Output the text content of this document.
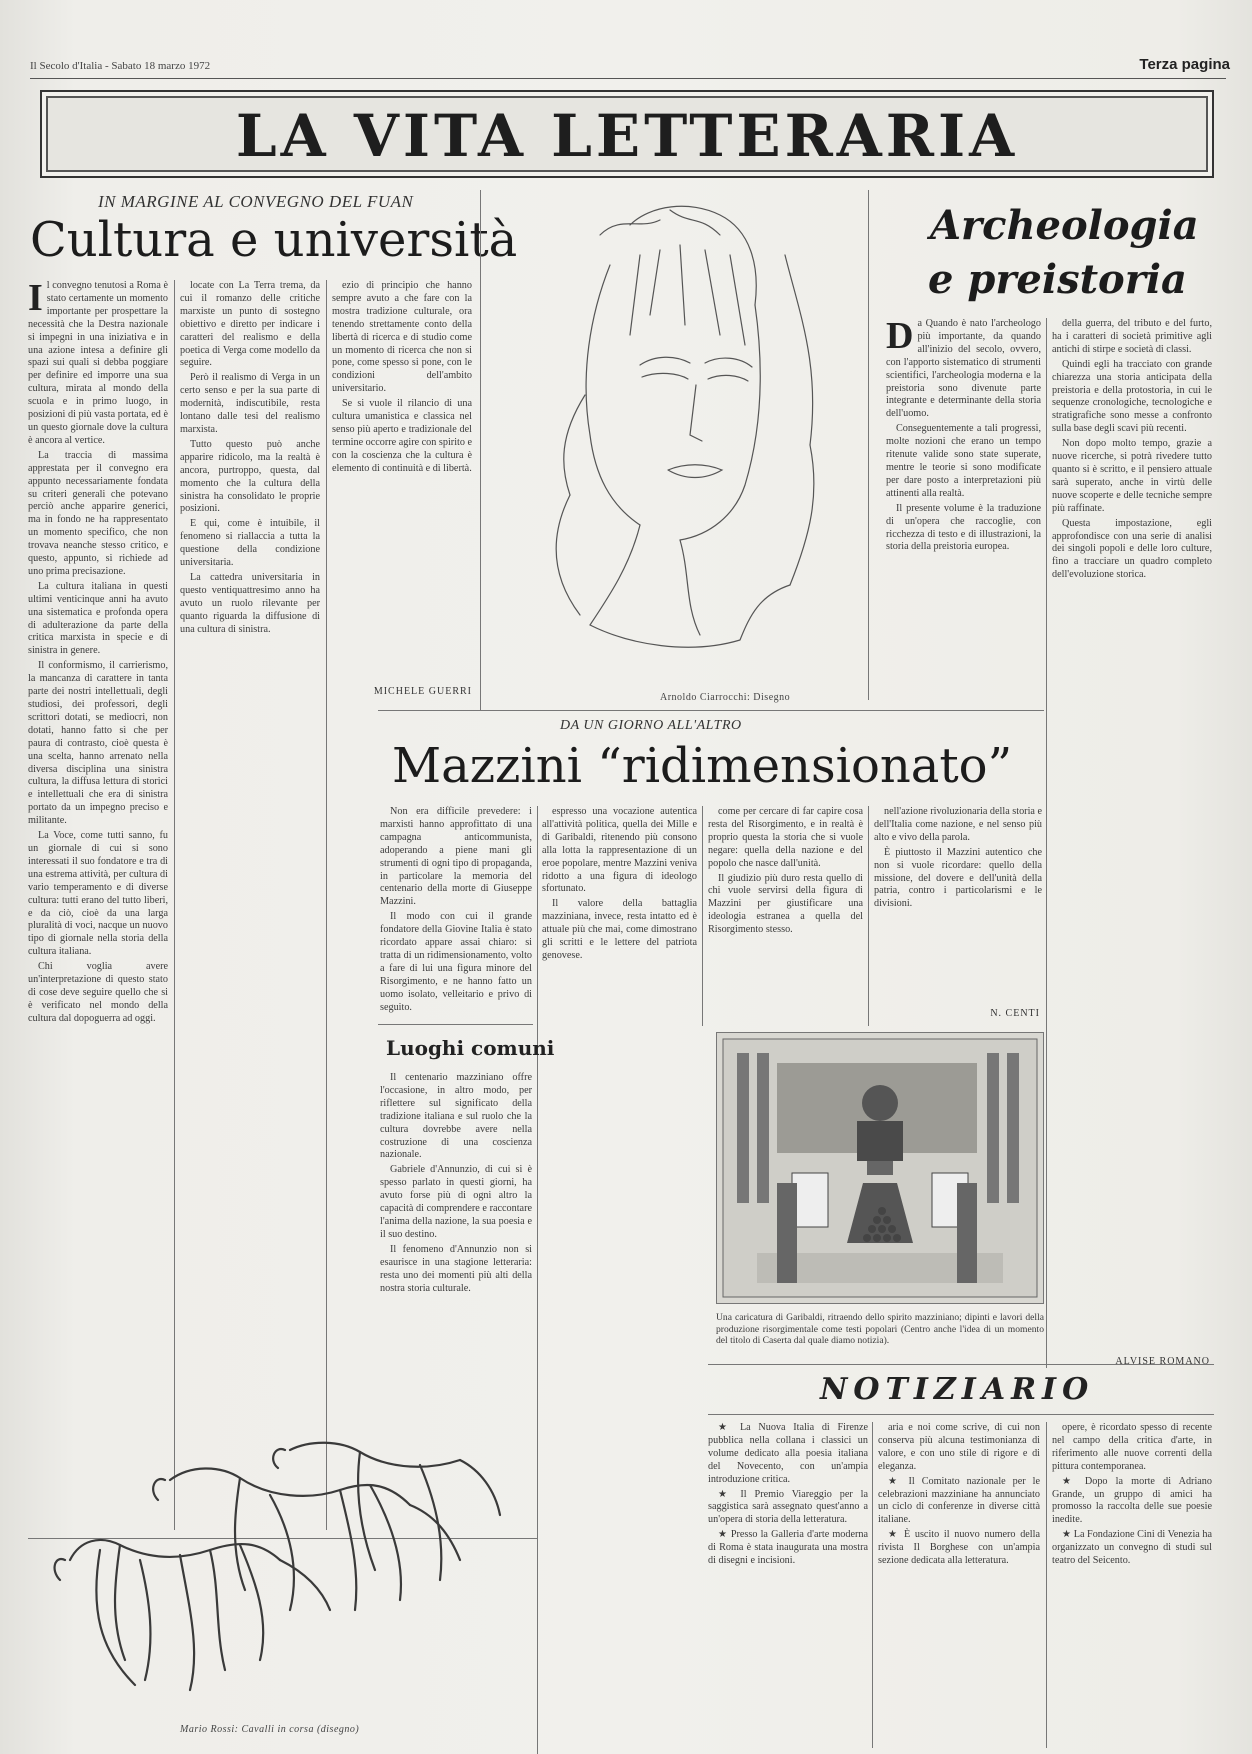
Il Secolo d'Italia - Sabato 18 marzo 1972	Terza pagina
LA VITA LETTERARIA
IN MARGINE AL CONVEGNO DEL FUAN
Cultura e università

Il convegno tenutosi a Roma è stato certamente un momento importante per prospettare la necessità che la Destra nazionale si impegni in una iniziativa e in una azione intesa a definire gli spazi sui quali si debba poggiare per definire ed imporre una sua cultura, mirata al mondo della scuola e in primo luogo, in posizioni di più vasta portata, ed è un questo giornale dove la cultura è ancora al vertice.

La traccia di massima apprestata per il convegno era appunto necessariamente fondata su criteri generali che potevano perciò anche apparire generici, ma in fondo ne ha rappresentato un momento specifico, che non trovava neanche stesso critico, e questo, appunto, si richiede ad uno prima precisazione.

La cultura italiana in questi ultimi venticinque anni ha avuto una sistematica e profonda opera di adulterazione da parte della critica marxista in specie e di sinistra in genere.

Il conformismo, il carrierismo, la mancanza di carattere in tanta parte dei nostri intellettuali, degli studiosi, dei professori, degli scrittori dotati, se mediocri, non dotati, hanno fatto sì che per paura di contrasto, cioè questa è una scelta, hanno arrenato nella diversa disciplina una sinistra cultura, la diffusa lettura di storici e intellettuali che era di sinistra portato da un impegno preciso e militante.

La Voce, come tutti sanno, fu un giornale di cui si sono interessati il suo fondatore e tra di una estrema attività, per cultura di vario temperamento e di diverse cultura: tutti erano del tutto liberi, e da ciò, cioè da una larga pluralità di voci, nacque un nuovo tipo di giornale nella storia della cultura italiana.

Chi voglia avere un'interpretazione di questo stato di cose deve seguire quello che si è verificato nel mondo della cultura dal dopoguerra ad oggi.

locate con La Terra trema, da cui il romanzo delle critiche marxiste un punto di sostegno obiettivo e diretto per indicare i caratteri del realismo e della poetica di Verga come modello da seguire.

Però il realismo di Verga in un certo senso e per la sua parte di modernità, indiscutibile, resta lontano dalle tesi del realismo marxista.

Tutto questo può anche apparire ridicolo, ma la realtà è ancora, purtroppo, questa, dal momento che la cultura della sinistra ha consolidato le proprie posizioni.

E qui, come è intuibile, il fenomeno si riallaccia a tutta la questione della condizione universitaria.

La cattedra universitaria in questo ventiquattresimo anno ha avuto un ruolo rilevante per quanto riguarda la diffusione di una cultura di sinistra.

ezio di principio che hanno sempre avuto a che fare con la mostra tradizione culturale, ora tenendo strettamente conto della libertà di ricerca e di studio come un momento di ricerca che non si pone, come spesso si pone, con le condizioni dell'ambito universitario.

Se si vuole il rilancio di una cultura umanistica e classica nel senso più aperto e tradizionale del termine occorre agire con spirito e con la coscienza che la cultura è elemento di continuità e di libertà.

MICHELE GUERRI
Arnoldo Ciarrocchi: Disegno
Archeologia
e preistoria

Da Quando è nato l'archeologo più importante, da quando all'inizio del secolo, ovvero, con l'apporto sistematico di strumenti scientifici, l'archeologia moderna e la preistoria sono divenute parte integrante e determinante della storia dell'uomo.

Conseguentemente a tali progressi, molte nozioni che erano un tempo ritenute valide sono state superate, mentre le teorie si sono modificate per dare posto a interpretazioni più attinenti alla realtà.

Il presente volume è la traduzione di un'opera che raccoglie, con ricchezza di testo e di illustrazioni, la storia della preistoria europea.

della guerra, del tributo e del furto, ha i caratteri di società primitive agli antichi di stirpe e società di classi.

Quindi egli ha tracciato con grande chiarezza una storia anticipata della preistoria e della protostoria, in cui le sequenze cronologiche, tecnologiche e stratigrafiche sono messe a confronto sulla base degli scavi più recenti.

Non dopo molto tempo, grazie a nuove ricerche, si potrà rivedere tutto quanto si è scritto, e il pensiero attuale sarà superato, anche in virtù delle nuove scoperte e delle tecniche sempre più raffinate.

Questa impostazione, egli approfondisce con una serie di analisi dei singoli popoli e delle loro culture, fino a tracciare un quadro completo dell'evoluzione storica.

ALVISE ROMANO
DA UN GIORNO ALL'ALTRO
Mazzini “ridimensionato”

Non era difficile prevedere: i marxisti hanno approfittato di una campagna anticommunista, adoperando a piene mani gli strumenti di ogni tipo di propaganda, in particolare la memoria del centenario della morte di Giuseppe Mazzini.

Il modo con cui il grande fondatore della Giovine Italia è stato ricordato appare assai chiaro: si tratta di un ridimensionamento, volto a fare di lui una figura minore del Risorgimento, e ne hanno fatto un uomo isolato, velleitario e privo di seguito.

espresso una vocazione autentica all'attività politica, quella dei Mille e di Garibaldi, ritenendo più consono alla lotta la rappresentazione di un eroe popolare, mentre Mazzini veniva ridotto a una figura di ideologo sfortunato.

Il valore della battaglia mazziniana, invece, resta intatto ed è attuale più che mai, come dimostrano gli scritti e le lettere del patriota genovese.

come per cercare di far capire cosa resta del Risorgimento, e in realtà è proprio questa la storia che si vuole negare: quella della nazione e del popolo che nasce dall'unità.

Il giudizio più duro resta quello di chi vuole servirsi della figura di Mazzini per giustificare una ideologia estranea a quella del Risorgimento stesso.

nell'azione rivoluzionaria della storia e dell'Italia come nazione, e nel senso più alto e vivo della parola.

È piuttosto il Mazzini autentico che non si vuole ricordare: quello della missione, del dovere e dell'unità della patria, contro i particolarismi e le divisioni.

N. CENTI
Luoghi comuni

Il centenario mazziniano offre l'occasione, in altro modo, per riflettere sul significato della tradizione italiana e sul ruolo che la cultura dovrebbe avere nella costruzione di una coscienza nazionale.

Gabriele d'Annunzio, di cui si è spesso parlato in questi giorni, ha avuto forse più di ogni altro la capacità di comprendere e raccontare l'anima della nazione, la sua poesia e il suo destino.

Il fenomeno d'Annunzio non si esaurisce in una stagione letteraria: resta uno dei momenti più alti della nostra storia culturale.

Una caricatura di Garibaldi, ritraendo dello spirito mazziniano; dipinti e lavori della produzione risorgimentale come testi popolari (Centro anche l'idea di un momento del titolo di Caserta dal quale diamo notizia).

Mario Rossi: Cavalli in corsa (disegno)
NOTIZIARIO

★ La Nuova Italia di Firenze pubblica nella collana i classici un volume dedicato alla poesia italiana del Novecento, con un'ampia introduzione critica.

★ Il Premio Viareggio per la saggistica sarà assegnato quest'anno a un'opera di storia della letteratura.

★ Presso la Galleria d'arte moderna di Roma è stata inaugurata una mostra di disegni e incisioni.

aria e noi come scrive, di cui non conserva più alcuna testimonianza di valore, e con uno stile di rigore e di eleganza.

★ Il Comitato nazionale per le celebrazioni mazziniane ha annunciato un ciclo di conferenze in diverse città italiane.

★ È uscito il nuovo numero della rivista Il Borghese con un'ampia sezione dedicata alla letteratura.

opere, è ricordato spesso di recente nel campo della critica d'arte, in riferimento alle nuove correnti della pittura contemporanea.

★ Dopo la morte di Adriano Grande, un gruppo di amici ha promosso la raccolta delle sue poesie inedite.

★ La Fondazione Cini di Venezia ha organizzato un convegno di studi sul teatro del Seicento.
